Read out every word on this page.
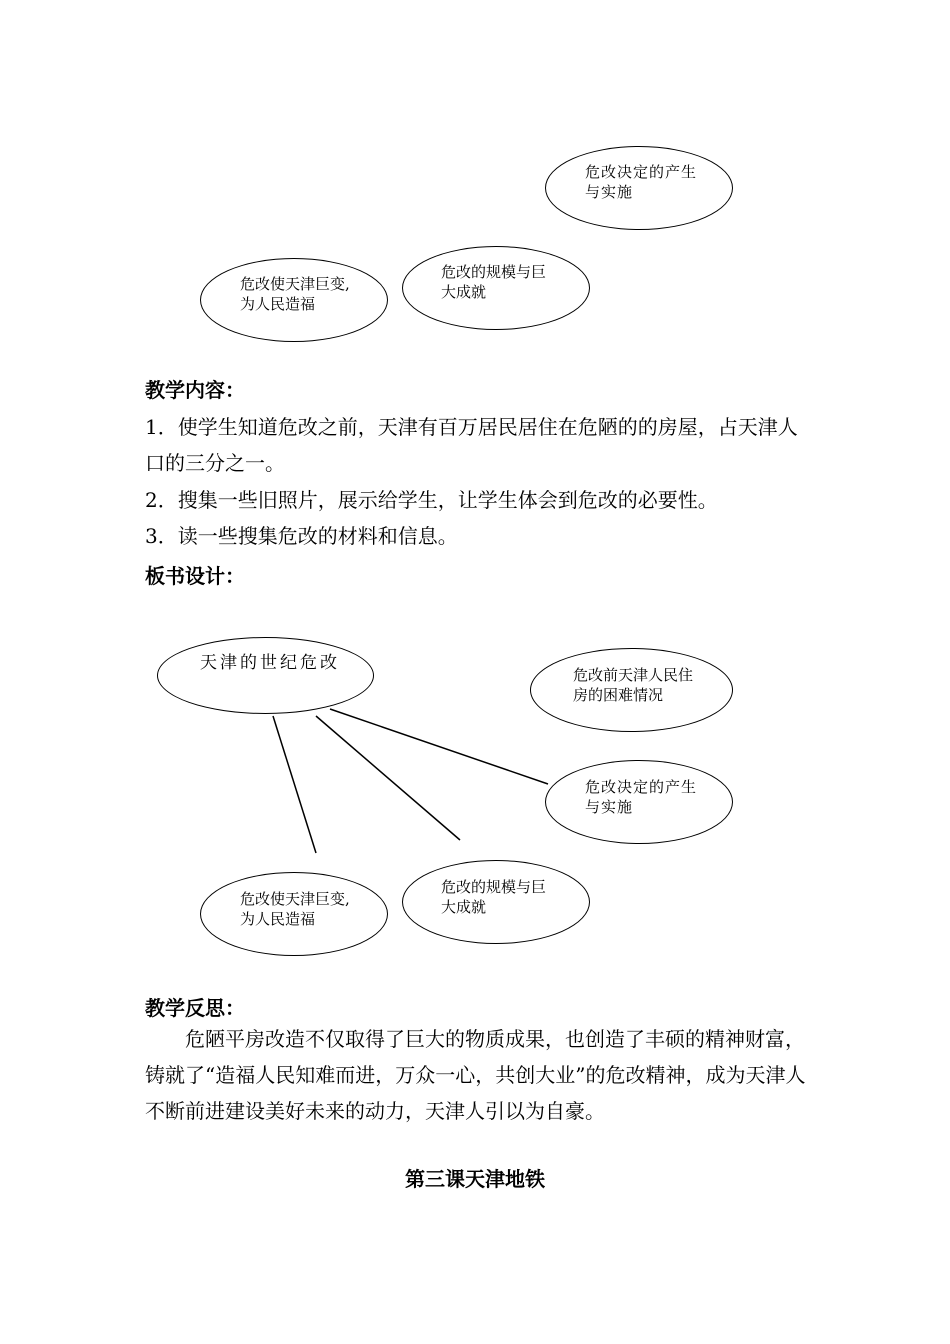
危改决定的产生与实施
危改的规模与巨大成就
危改使天津巨变,为人民造福
教学内容：
1．使学生知道危改之前，天津有百万居民居住在危陋的的房屋，占天津人口的三分之一。
2．搜集一些旧照片，展示给学生，让学生体会到危改的必要性。
3．读一些搜集危改的材料和信息。
板书设计：
天津的世纪危改
危改前天津人民住房的困难情况
危改决定的产生与实施
危改的规模与巨大成就
危改使天津巨变,为人民造福
教学反思：
危陋平房改造不仅取得了巨大的物质成果，也创造了丰硕的精神财富，铸就了“造福人民知难而进，万众一心，共创大业”的危改精神，成为天津人不断前进建设美好未来的动力，天津人引以为自豪。
第三课天津地铁
